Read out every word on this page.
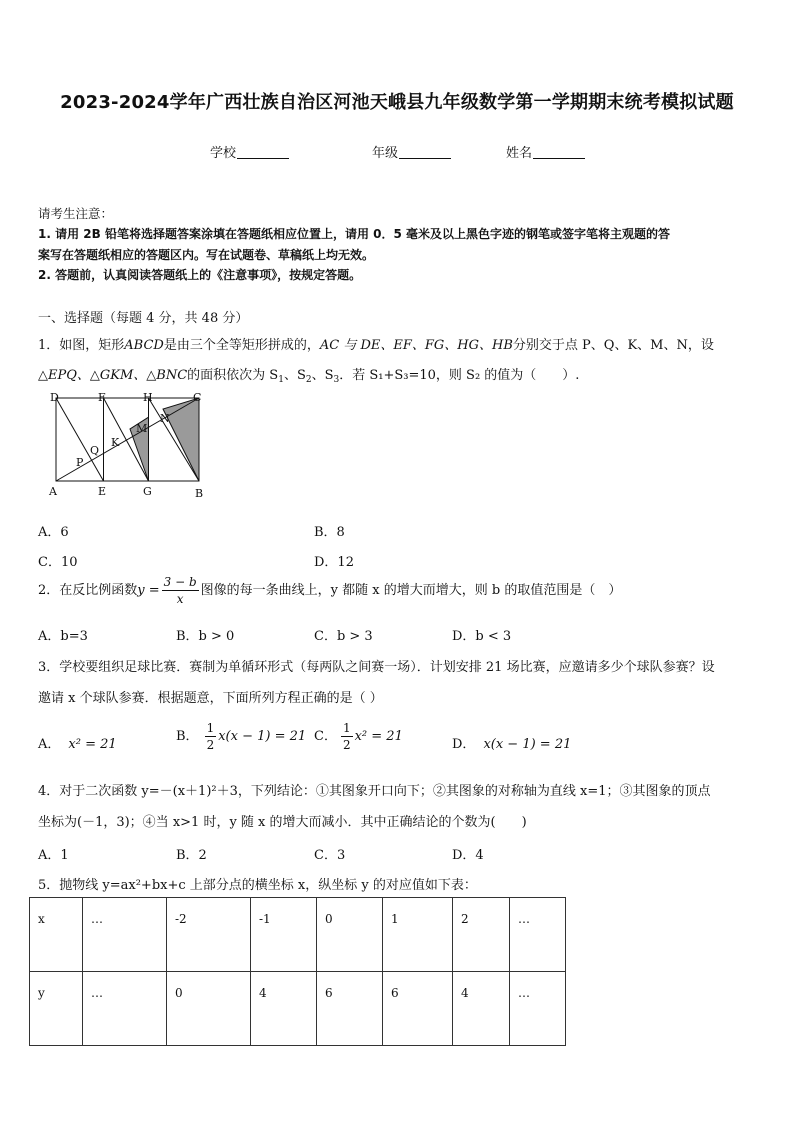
2023-2024学年广西壮族自治区河池天峨县九年级数学第一学期期末统考模拟试题
学校	年级	姓名
请考生注意：
1. 请用 2B 铅笔将选择题答案涂填在答题纸相应位置上，请用 0．5 毫米及以上黑色字迹的钢笔或签字笔将主观题的答
案写在答题纸相应的答题区内。写在试题卷、草稿纸上均无效。
2. 答题前，认真阅读答题纸上的《注意事项》，按规定答题。
一、选择题（每题 4 分，共 48 分）
1．如图，矩形ABCD是由三个全等矩形拼成的，AC 与 DE、EF、FG、HG、HB分别交于点 P、Q、K、M、N，设
△EPQ、△GKM、△BNC的面积依次为 $S_1$、$S_2$、$S_3$．若 S₁+S₃=10，则 S₂ 的值为（　　）.
D	F	H	C
A	E	G	B
P
Q
K
M
N
A．6	B．8
C．10	D．12
2．在反比例函数$y = \frac{3 - b}{x}$ 图像的每一条曲线上，y 都随 x 的增大而增大，则 b 的取值范围是（　）
A．b=3	B．b > 0	C．b > 3	D．b < 3
3．学校要组织足球比赛．赛制为单循环形式（每两队之间赛一场）．计划安排 21 场比赛，应邀请多少个球队参赛？设
邀请 x 个球队参赛．根据题意，下面所列方程正确的是（ ）
A． x² = 21
B． $\frac{1}{2} x(x - 1) = 21$ C． $\frac{1}{2} x^2 = 21$
D． x(x − 1) = 21
4．对于二次函数 y=－(x＋1)²＋3，下列结论：①其图象开口向下；②其图象的对称轴为直线 x=1；③其图象的顶点
坐标为(－1，3)；④当 x>1 时，y 随 x 的增大而减小．其中正确结论的个数为(　　)
A．1	B．2	C．3	D．4
5．抛物线 y=ax²+bx+c 上部分点的横坐标 x，纵坐标 y 的对应值如下表：
x	…	-2	-1	0	1	2	…
y	…	0	4	6	6	4	…
